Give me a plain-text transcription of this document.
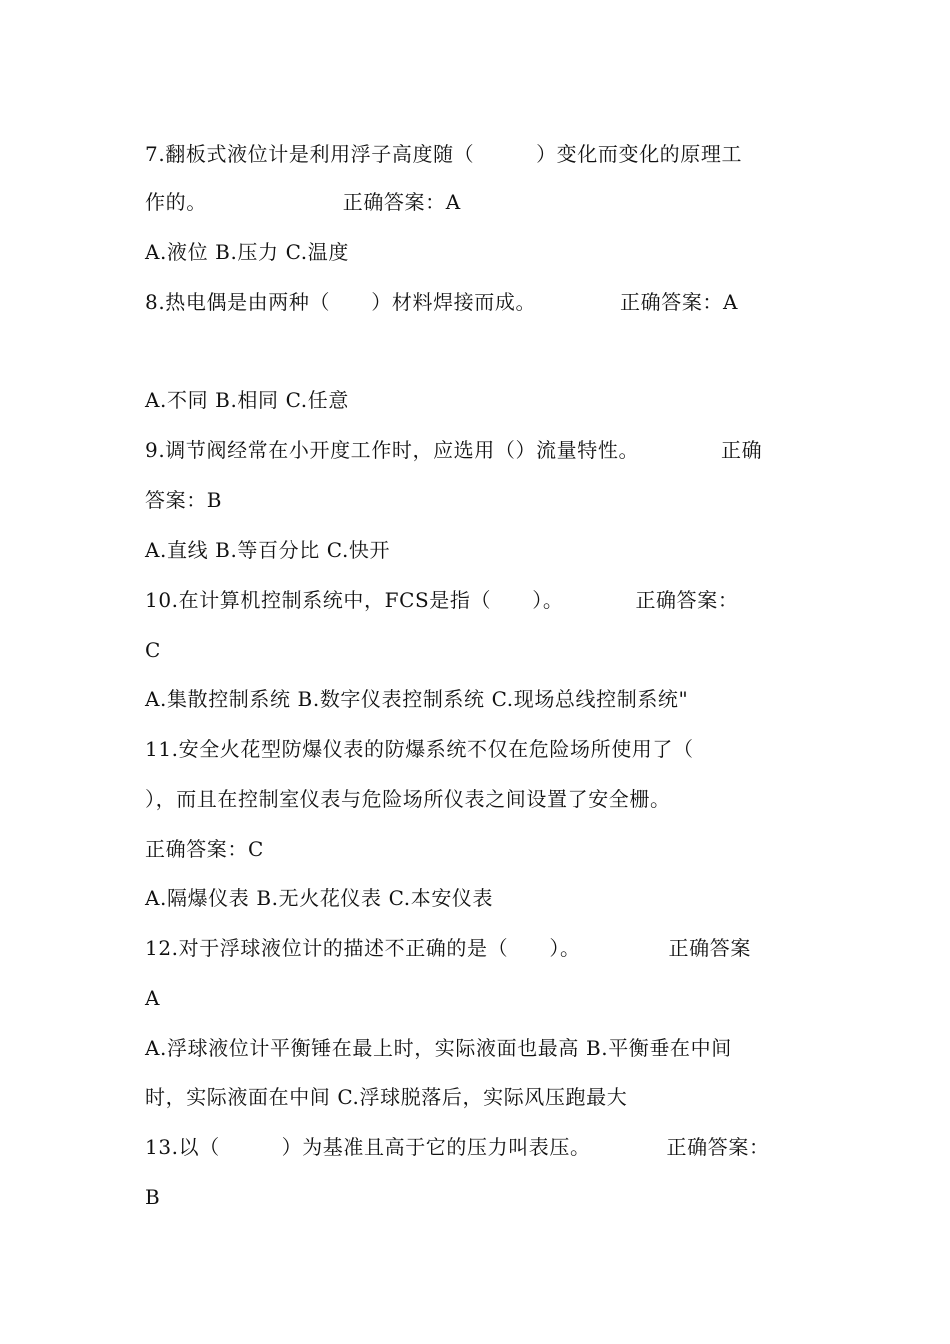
7.翻板式液位计是利用浮子高度随（　　　）变化而变化的原理工
作的。	正确答案：A
A.液位 B.压力 C.温度
8.热电偶是由两种（　　）材料焊接而成。	正确答案：A
A.不同 B.相同 C.任意
9.调节阀经常在小开度工作时，应选用（）流量特性。	正确
答案：B
A.直线 B.等百分比 C.快开
10.在计算机控制系统中，FCS是指（　　）。	正确答案：
C
A.集散控制系统 B.数字仪表控制系统 C.现场总线控制系统"
11.安全火花型防爆仪表的防爆系统不仅在危险场所使用了（
），而且在控制室仪表与危险场所仪表之间设置了安全栅。
正确答案：C
A.隔爆仪表 B.无火花仪表 C.本安仪表
12.对于浮球液位计的描述不正确的是（　　）。	正确答案
A
A.浮球液位计平衡锤在最上时，实际液面也最高 B.平衡垂在中间
时，实际液面在中间 C.浮球脱落后，实际风压跑最大
13.以（　　　）为基准且高于它的压力叫表压。	正确答案：
B
